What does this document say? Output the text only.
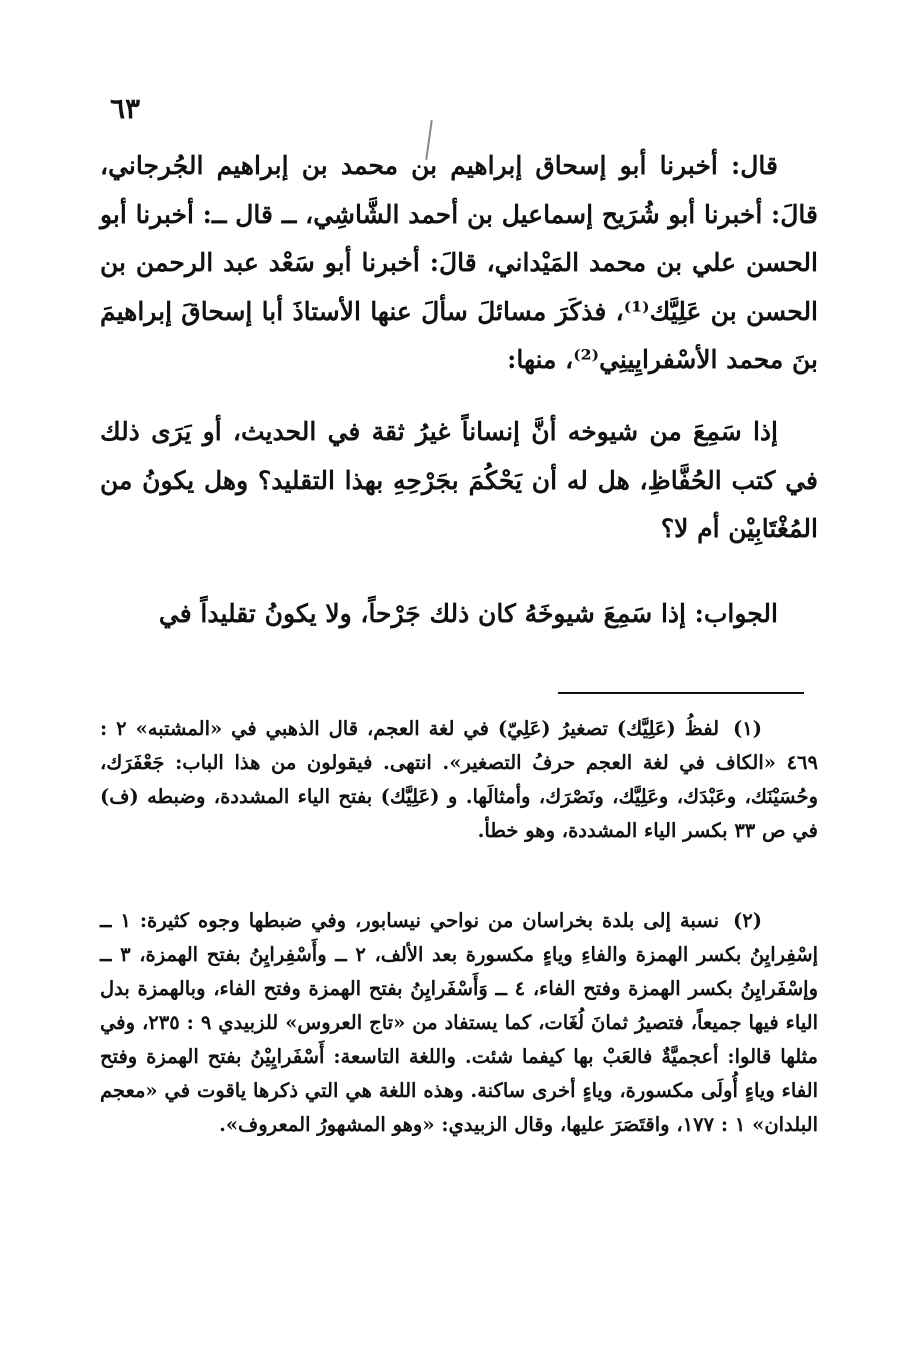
٦٣

قال: أخبرنا أبو إسحاق إبراهيم بن محمد بن إبراهيم الجُرجاني، قالَ: أخبرنا أبو شُرَيح إسماعيل بن أحمد الشَّاشِي، ــ قال ــ: أخبرنا أبو الحسن علي بن محمد المَيْداني، قالَ: أخبرنا أبو سَعْد عبد الرحمن بن الحسن بن عَلِيَّك⁽¹⁾، فذكَرَ مسائلَ سألَ عنها الأستاذَ أبا إسحاقَ إبراهيمَ بنَ محمد الأسْفرايِينِي⁽²⁾، منها:

إذا سَمِعَ من شيوخه أنَّ إنساناً غيرُ ثقة في الحديث، أو يَرَى ذلك في كتب الحُفَّاظِ، هل له أن يَحْكُمَ بجَرْحِهِ بهذا التقليد؟ وهل يكونُ من المُغْتَابِيْن أم لا؟

الجواب: إذا سَمِعَ شيوخَهُ كان ذلك جَرْحاً، ولا يكونُ تقليداً في

(١)لفظُ (عَلِيَّك) تصغيرُ (عَلِيّ) في لغة العجم، قال الذهبي في «المشتبه» ٢ : ٤٦٩ «الكاف في لغة العجم حرفُ التصغير». انتهى. فيقولون من هذا الباب: جَعْفَرَك، وحُسَيْنَك، وعَبْدَك، وعَلِيَّك، ونَصْرَك، وأمثالَها. و (عَلِيَّك) بفتح الياء المشددة، وضبطه (ف) في ص ٣٣ بكسر الياء المشددة، وهو خطأ.

(٢)نسبة إلى بلدة بخراسان من نواحي نيسابور، وفي ضبطها وجوه كثيرة: ١ ــ إسْفِرايِنُ بكسر الهمزة والفاءِ وياءٍ مكسورة بعد الألف، ٢ ــ وأَسْفِرايِنُ بفتح الهمزة، ٣ ــ وإسْفَرايِنُ بكسر الهمزة وفتح الفاء، ٤ ــ وَأَسْفَرايِنُ بفتح الهمزة وفتح الفاء، وبالهمزة بدل الياء فيها جميعاً، فتصيرُ ثمانَ لُغَات، كما يستفاد من «تاج العروس» للزبيدي ٩ : ٢٣٥، وفي مثلها قالوا: أعجميَّةٌ فالعَبْ بها كيفما شئت. واللغة التاسعة: أَسْفَرايِيْنُ بفتح الهمزة وفتح الفاء وياءٍ أُولَى مكسورة، وياءٍ أخرى ساكنة. وهذه اللغة هي التي ذكرها ياقوت في «معجم البلدان» ١ : ١٧٧، واقتَصَرَ عليها، وقال الزبيدي: «وهو المشهورُ المعروف».
